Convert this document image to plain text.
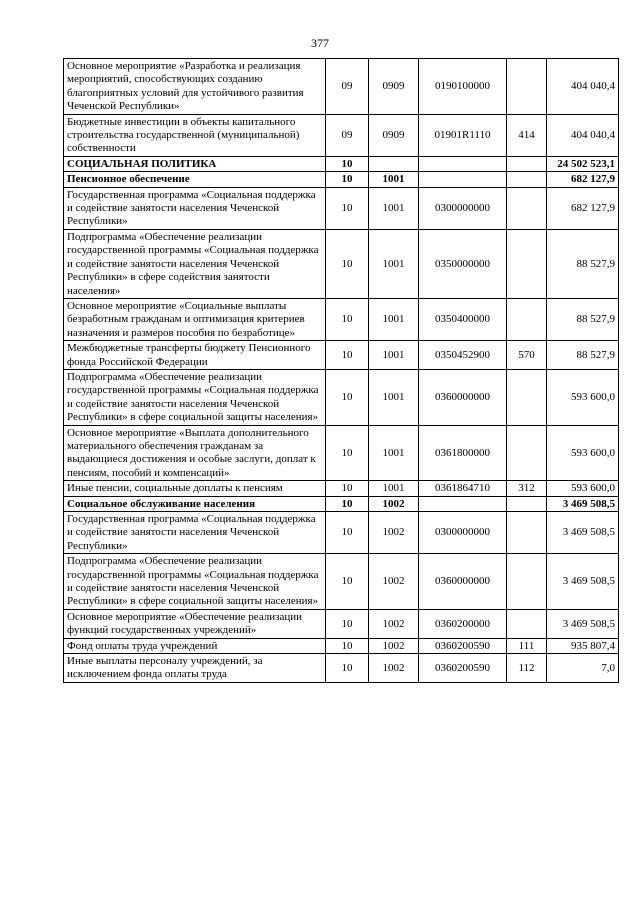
377
Основное мероприятие «Разработка и реализация мероприятий, способствующих созданию благоприятных условий для устойчивого развития Чеченской Республики»	09	0909	0190100000		404 040,4
Бюджетные инвестиции в объекты капитального строительства государственной (муниципальной) собственности	09	0909	01901R1110	414	404 040,4
СОЦИАЛЬНАЯ ПОЛИТИКА	10				24 502 523,1
Пенсионное обеспечение	10	1001			682 127,9
Государственная программа «Социальная поддержка и содействие занятости населения Чеченской Республики»	10	1001	0300000000		682 127,9
Подпрограмма «Обеспечение реализации государственной программы «Социальная поддержка и содействие занятости населения Чеченской Республики» в сфере содействия занятости населения»	10	1001	0350000000		88 527,9
Основное мероприятие «Социальные выплаты безработным гражданам и оптимизация критериев назначения и размеров пособия по безработице»	10	1001	0350400000		88 527,9
Межбюджетные трансферты бюджету Пенсионного фонда Российской Федерации	10	1001	0350452900	570	88 527,9
Подпрограмма «Обеспечение реализации государственной программы «Социальная поддержка и содействие занятости населения Чеченской Республики» в сфере социальной защиты населения»	10	1001	0360000000		593 600,0
Основное мероприятие «Выплата дополнительного материального обеспечения гражданам за выдающиеся достижения и особые заслуги, доплат к пенсиям, пособий и компенсаций»	10	1001	0361800000		593 600,0
Иные пенсии, социальные доплаты к пенсиям	10	1001	0361864710	312	593 600,0
Социальное обслуживание населения	10	1002			3 469 508,5
Государственная программа «Социальная поддержка и содействие занятости населения Чеченской Республики»	10	1002	0300000000		3 469 508,5
Подпрограмма «Обеспечение реализации государственной программы «Социальная поддержка и содействие занятости населения Чеченской Республики» в сфере социальной защиты населения»	10	1002	0360000000		3 469 508,5
Основное мероприятие «Обеспечение реализации функций государственных учреждений»	10	1002	0360200000		3 469 508,5
Фонд оплаты труда учреждений	10	1002	0360200590	111	935 807,4
Иные выплаты персоналу учреждений, за исключением фонда оплаты труда	10	1002	0360200590	112	7,0
